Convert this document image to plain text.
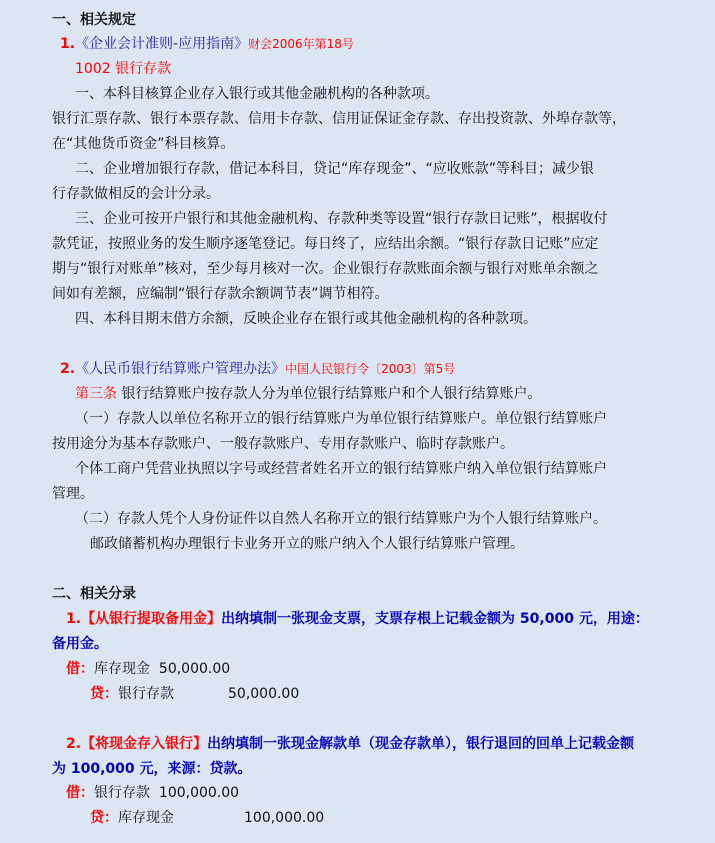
一、相关规定
1.《企业会计准则-应用指南》财会2006年第18号
1002 银行存款
一、本科目核算企业存入银行或其他金融机构的各种款项。
银行汇票存款、银行本票存款、信用卡存款、信用证保证金存款、存出投资款、外埠存款等，
在“其他货币资金”科目核算。
二、企业增加银行存款，借记本科目，贷记“库存现金”、“应收账款”等科目；减少银
行存款做相反的会计分录。
三、企业可按开户银行和其他金融机构、存款种类等设置“银行存款日记账”，根据收付
款凭证，按照业务的发生顺序逐笔登记。每日终了，应结出余额。“银行存款日记账”应定
期与“银行对账单”核对，至少每月核对一次。企业银行存款账面余额与银行对账单余额之
间如有差额，应编制“银行存款余额调节表”调节相符。
四、本科目期末借方余额，反映企业存在银行或其他金融机构的各种款项。
2.《人民币银行结算账户管理办法》中国人民银行令〔2003〕第5号
第三条 银行结算账户按存款人分为单位银行结算账户和个人银行结算账户。
（一）存款人以单位名称开立的银行结算账户为单位银行结算账户。单位银行结算账户
按用途分为基本存款账户、一般存款账户、专用存款账户、临时存款账户。
个体工商户凭营业执照以字号或经营者姓名开立的银行结算账户纳入单位银行结算账户
管理。
（二）存款人凭个人身份证件以自然人名称开立的银行结算账户为个人银行结算账户。
邮政储蓄机构办理银行卡业务开立的账户纳入个人银行结算账户管理。
二、相关分录
1.【从银行提取备用金】出纳填制一张现金支票，支票存根上记载金额为 50,000 元，用途：
备用金。
借：库存现金 50,000.00
贷：银行存款	50,000.00
2.【将现金存入银行】出纳填制一张现金解款单（现金存款单），银行退回的回单上记载金额
为 100,000 元，来源：贷款。
借：银行存款 100,000.00
贷：库存现金	100,000.00
